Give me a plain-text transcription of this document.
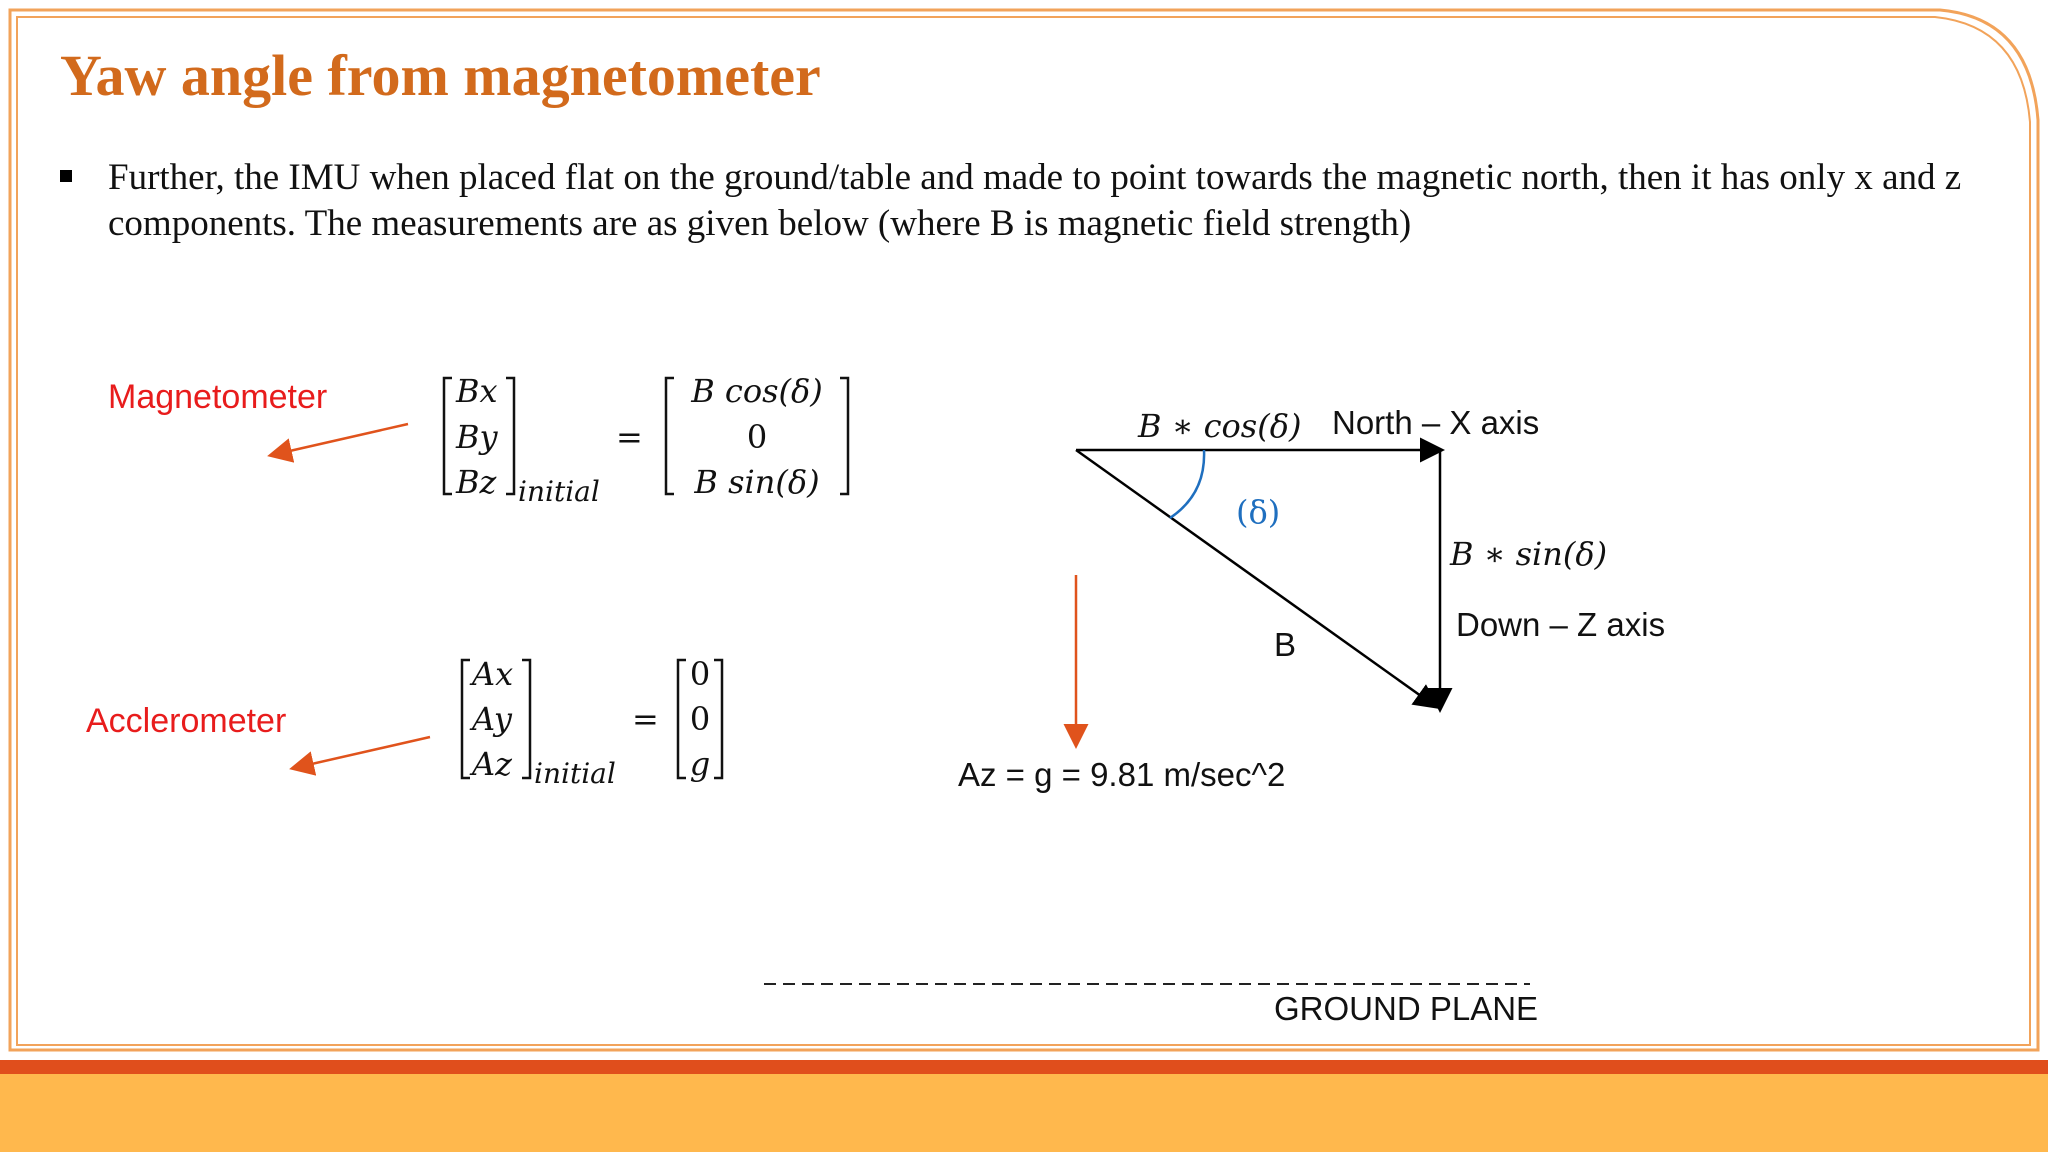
Yaw angle from magnetometer
Further, the IMU when placed flat on the ground/table and made to point towards the magnetic north, then it has only x and z components. The measurements are as given below (where B is magnetic field strength)
Magnetometer
Acclerometer
Bx
By
Bz initial
=
B cos(δ)
0
B sin(δ)
Ax
Ay
Az initial
=
0
0
g
B ∗ cos(δ) North – X axis
(δ)
B ∗ sin(δ)
Down – Z axis
B
Az = g = 9.81 m/sec^2
GROUND PLANE
